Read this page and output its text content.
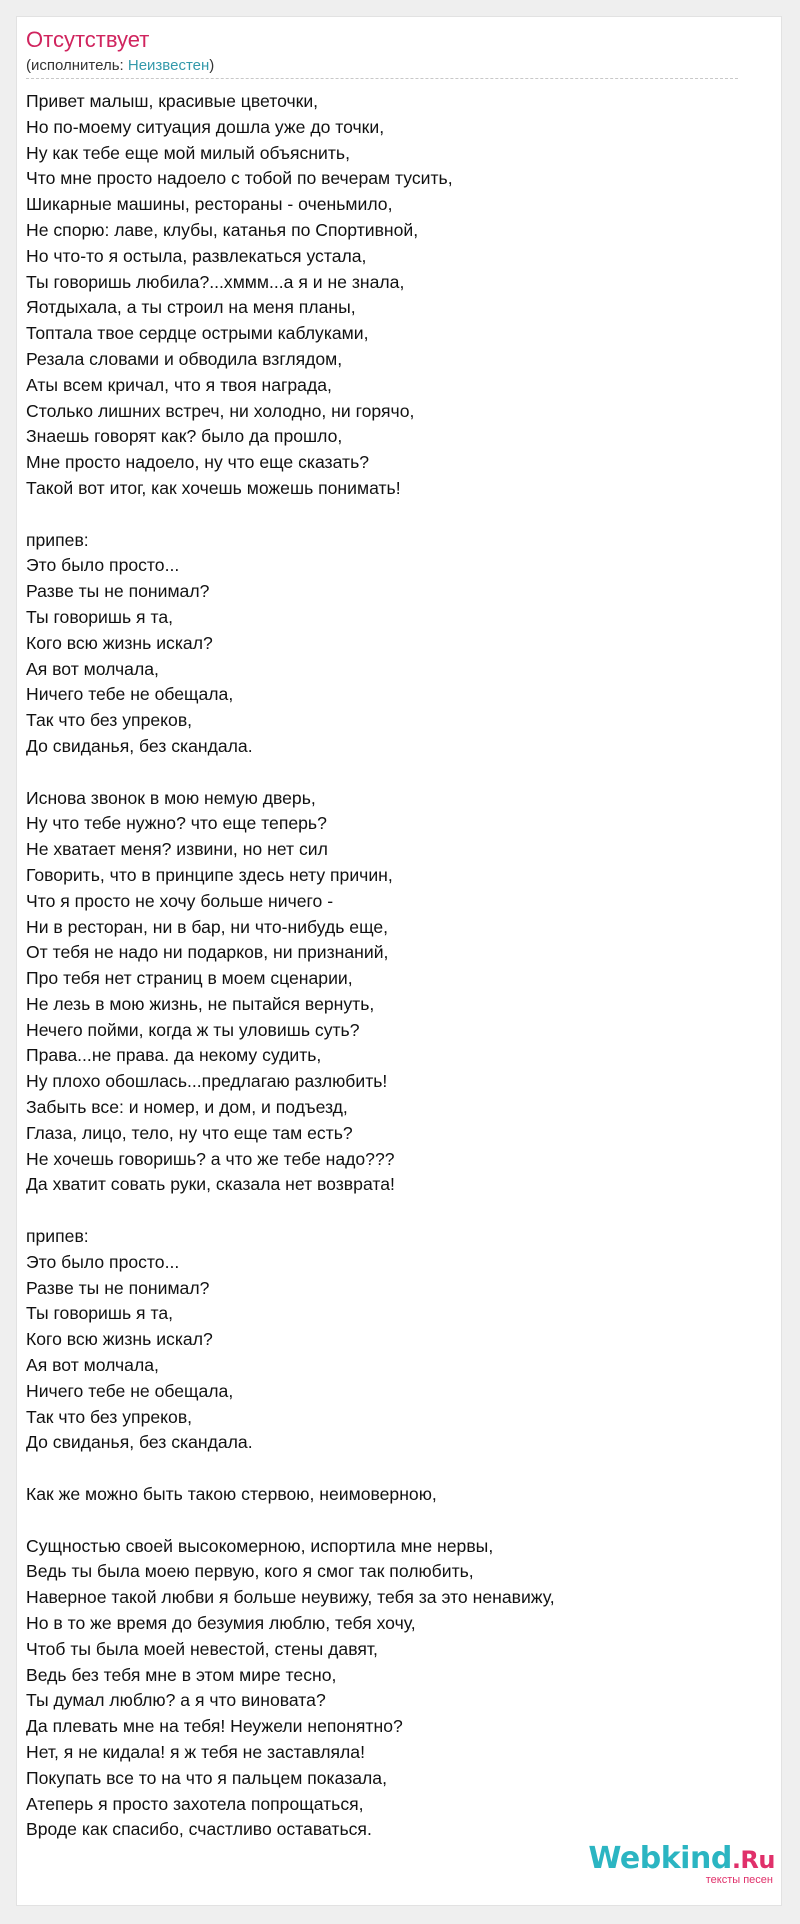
Отсутствует
(исполнитель: Неизвестен)
Привет малыш, красивые цветочки,
Но по-моему ситуация дошла уже до точки,
Ну как тебе еще мой милый объяснить,
Что мне просто надоело с тобой по вечерам тусить,
Шикарные машины, рестораны - оченьмило,
Не спорю: лаве, клубы, катанья по Спортивной,
Но что-то я остыла, развлекаться устала,
Ты говоришь любила?...хммм...а я и не знала,
Яотдыхала, а ты строил на меня планы,
Топтала твое сердце острыми каблуками,
Резала словами и обводила взглядом,
Аты всем кричал, что я твоя награда,
Столько лишних встреч, ни холодно, ни горячо,
Знаешь говорят как? было да прошло,
Мне просто надоело, ну что еще сказать?
Такой вот итог, как хочешь можешь понимать!
припев:
Это было просто...
Разве ты не понимал?
Ты говоришь я та,
Кого всю жизнь искал?
Ая вот молчала,
Ничего тебе не обещала,
Так что без упреков,
До свиданья, без скандала.
Иснова звонок в мою немую дверь,
Ну что тебе нужно? что еще теперь?
Не хватает меня? извини, но нет сил
Говорить, что в принципе здесь нету причин,
Что я просто не хочу больше ничего -
Ни в ресторан, ни в бар, ни что-нибудь еще,
От тебя не надо ни подарков, ни признаний,
Про тебя нет страниц в моем сценарии,
Не лезь в мою жизнь, не пытайся вернуть,
Нечего пойми, когда ж ты уловишь суть?
Права...не права. да некому судить,
Ну плохо обошлась...предлагаю разлюбить!
Забыть все: и номер, и дом, и подъезд,
Глаза, лицо, тело, ну что еще там есть?
Не хочешь говоришь? а что же тебе надо???
Да хватит совать руки, сказала нет возврата!
припев:
Это было просто...
Разве ты не понимал?
Ты говоришь я та,
Кого всю жизнь искал?
Ая вот молчала,
Ничего тебе не обещала,
Так что без упреков,
До свиданья, без скандала.
Как же можно быть такою стервою, неимоверною,
Сущностью своей высокомерною, испортила мне нервы,
Ведь ты была моею первую, кого я смог так полюбить,
Наверное такой любви я больше неувижу, тебя за это ненавижу,
Но в то же время до безумия люблю, тебя хочу,
Чтоб ты была моей невестой, стены давят,
Ведь без тебя мне в этом мире тесно,
Ты думал люблю? а я что виновата?
Да плевать мне на тебя! Неужели непонятно?
Нет, я не кидала! я ж тебя не заставляла!
Покупать все то на что я пальцем показала,
Атеперь я просто захотела попрощаться,
Вроде как спасибо, счастливо оставаться.
Webkind.Ru
тексты песен
